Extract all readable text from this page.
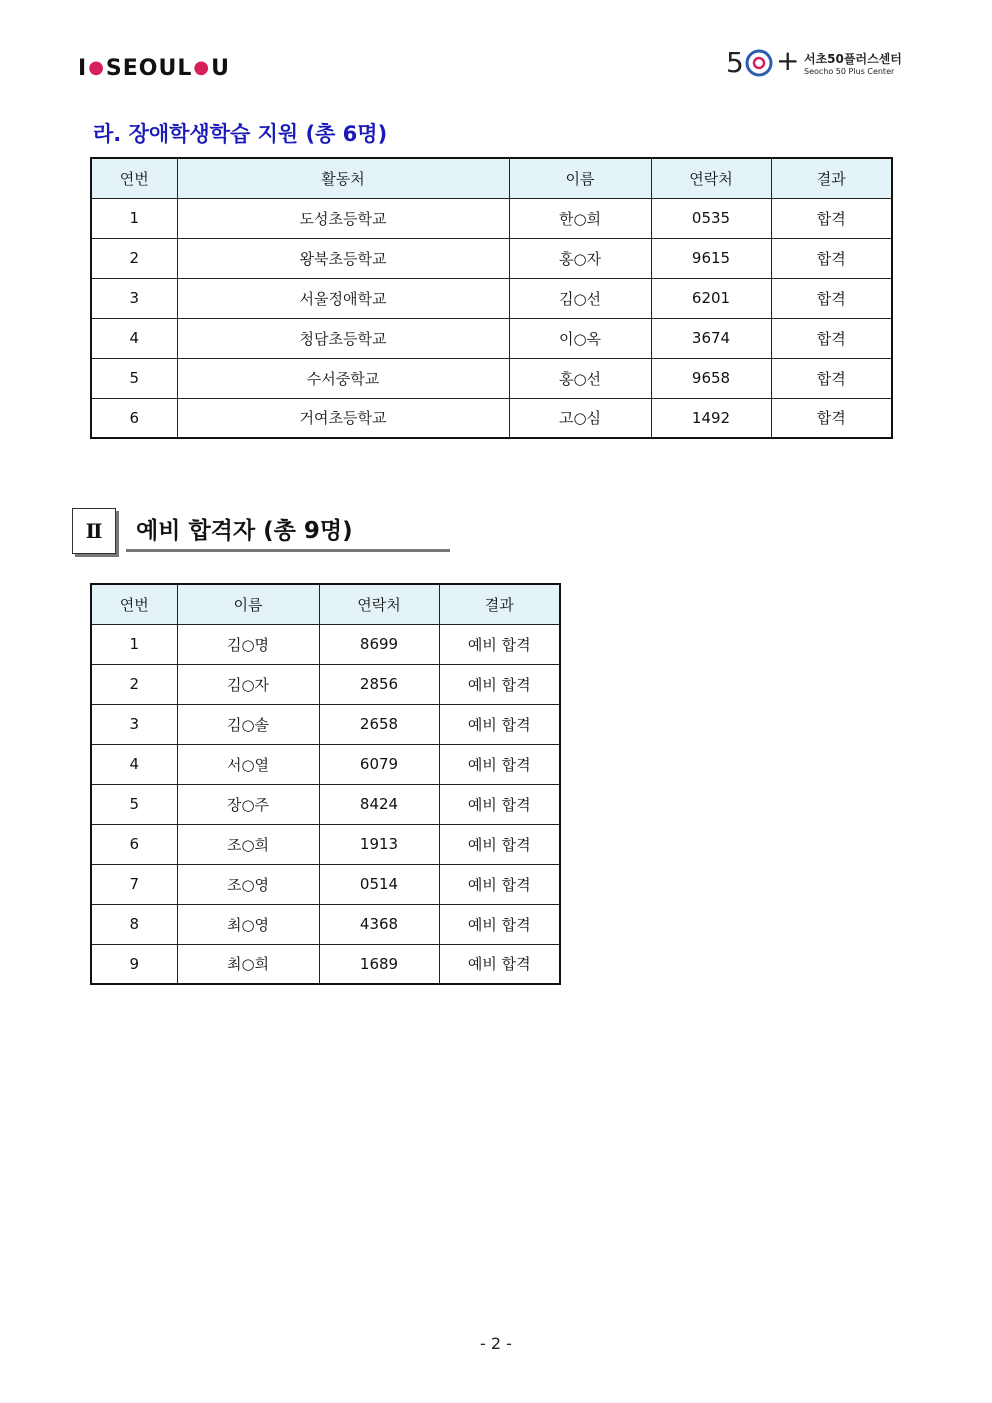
I●SEOUL●U	5 + 서초50플러스센터
Seocho 50 Plus Center
라. 장애학생학습 지원 (총 6명)
연번	활동처	이름	연락처	결과
1	도성초등학교	한○희	0535	합격
2	왕북초등학교	홍○자	9615	합격
3	서울정애학교	김○선	6201	합격
4	청담초등학교	이○옥	3674	합격
5	수서중학교	홍○선	9658	합격
6	거여초등학교	고○심	1492	합격
Ⅱ	예비 합격자 (총 9명)
연번	이름	연락처	결과
1	김○명	8699	예비 합격
2	김○자	2856	예비 합격
3	김○솔	2658	예비 합격
4	서○열	6079	예비 합격
5	장○주	8424	예비 합격
6	조○희	1913	예비 합격
7	조○영	0514	예비 합격
8	최○영	4368	예비 합격
9	최○희	1689	예비 합격
- 2 -
